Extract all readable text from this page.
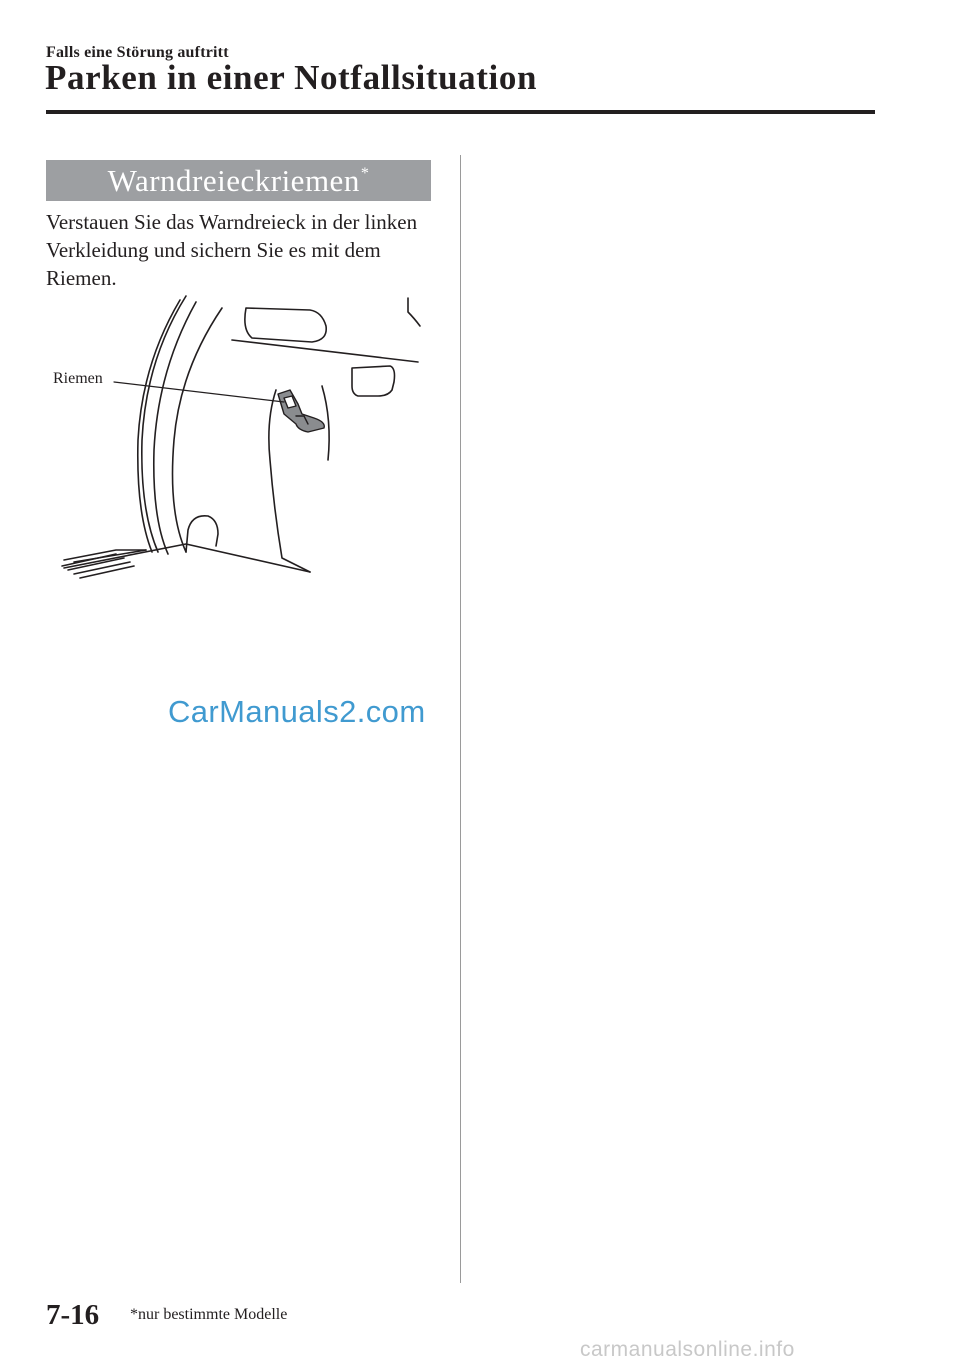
Falls eine Störung auftritt
Parken in einer Notfallsituation
Warndreieckriemen*

Verstauen Sie das Warndreieck in der linken Verkleidung und sichern Sie es mit dem Riemen.

Riemen
CarManuals2.com
7-16 *nur bestimmte Modelle
carmanualsonline.info
